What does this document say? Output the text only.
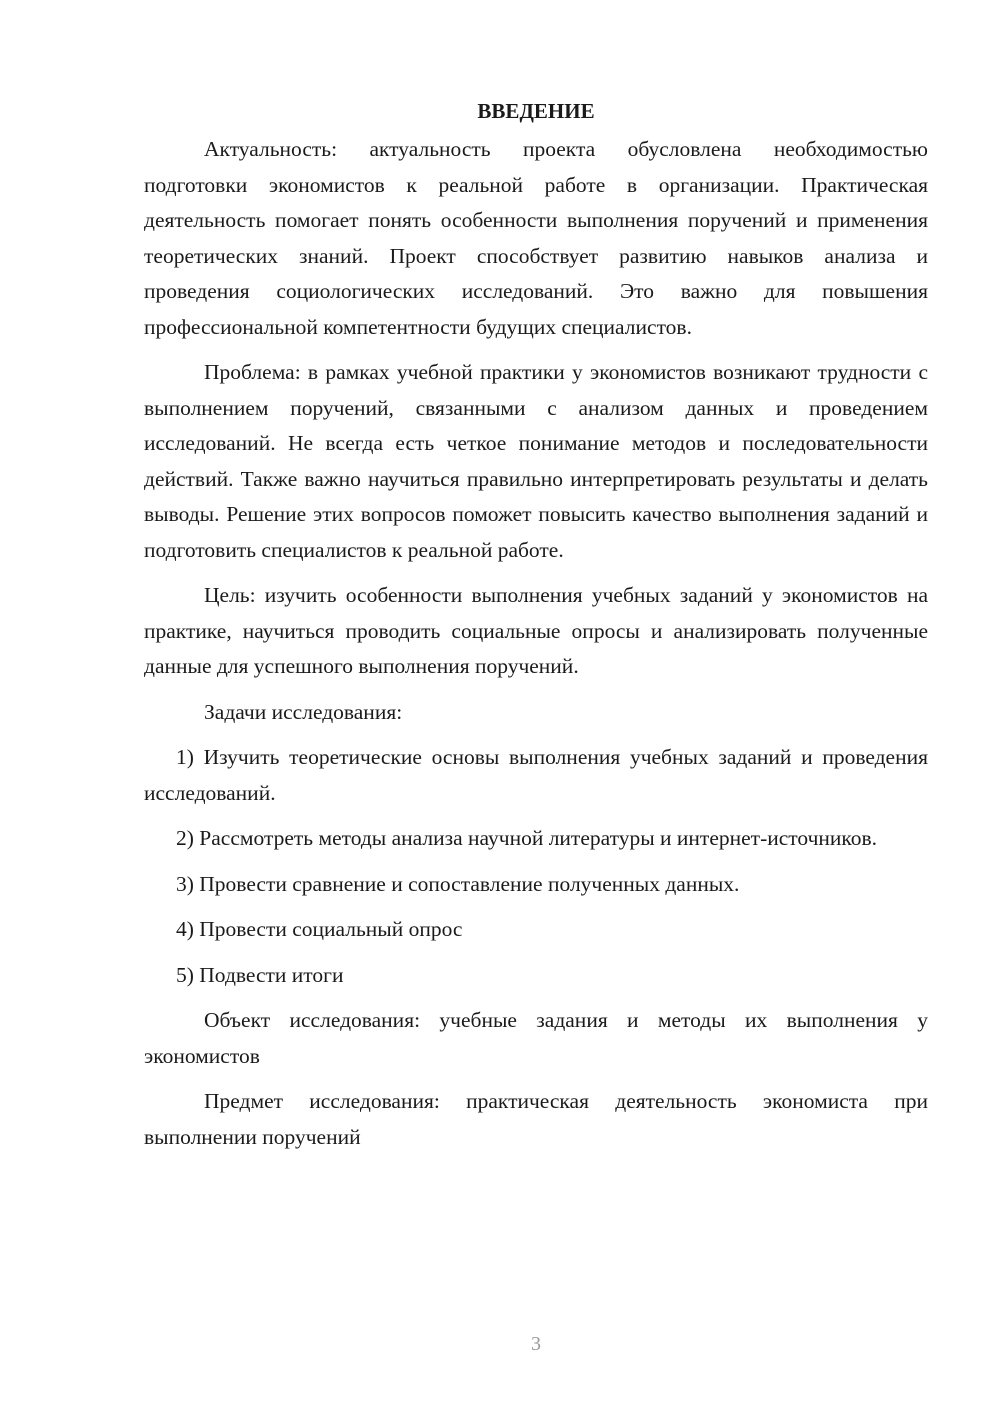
ВВЕДЕНИЕ

Актуальность: актуальность проекта обусловлена необходимостью подготовки экономистов к реальной работе в организации. Практическая деятельность помогает понять особенности выполнения поручений и применения теоретических знаний. Проект способствует развитию навыков анализа и проведения социологических исследований. Это важно для повышения профессиональной компетентности будущих специалистов.

Проблема: в рамках учебной практики у экономистов возникают трудности с выполнением поручений, связанными с анализом данных и проведением исследований. Не всегда есть четкое понимание методов и последовательности действий. Также важно научиться правильно интерпретировать результаты и делать выводы. Решение этих вопросов поможет повысить качество выполнения заданий и подготовить специалистов к реальной работе.

Цель: изучить особенности выполнения учебных заданий у экономистов на практике, научиться проводить социальные опросы и анализировать полученные данные для успешного выполнения поручений.

Задачи исследования:

1) Изучить теоретические основы выполнения учебных заданий и проведения исследований.

2) Рассмотреть методы анализа научной литературы и интернет-источников.

3) Провести сравнение и сопоставление полученных данных.

4) Провести социальный опрос

5) Подвести итоги

Объект исследования: учебные задания и методы их выполнения у экономистов

Предмет исследования: практическая деятельность экономиста при выполнении поручений

3
